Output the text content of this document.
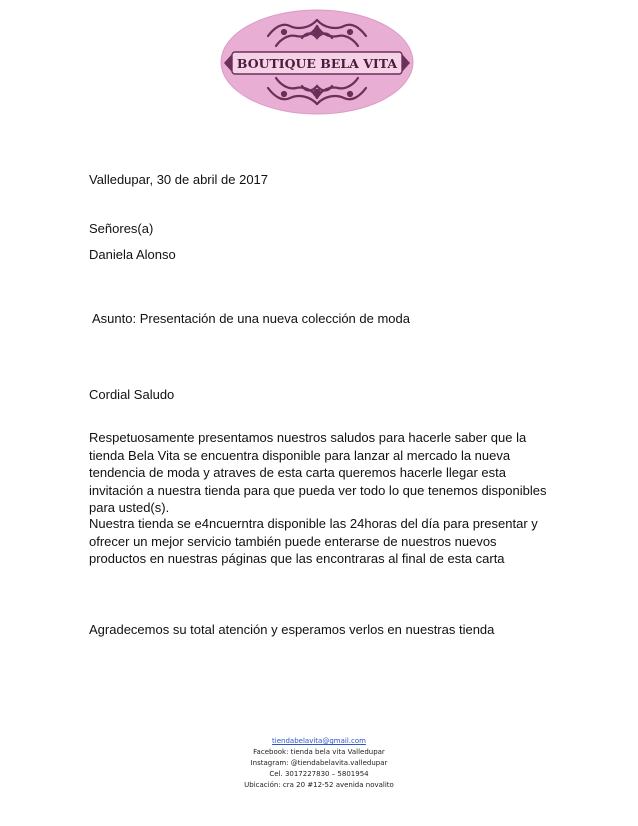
BOUTIQUE BELA VITA
Valledupar, 30 de abril de 2017
Señores(a)
Daniela Alonso
Asunto: Presentación de una nueva colección de moda
Cordial Saludo
Respetuosamente presentamos nuestros saludos para hacerle saber que la tienda Bela Vita se encuentra disponible para lanzar al mercado la nueva tendencia de moda y atraves de esta carta queremos hacerle llegar esta invitación a nuestra tienda para que pueda ver todo lo que tenemos disponibles para usted(s).
Nuestra tienda se e4ncuerntra disponible las 24horas del día para presentar y ofrecer un mejor servicio también puede enterarse de nuestros nuevos productos en nuestras páginas que las encontraras al final de esta carta
Agradecemos su total atención y esperamos verlos en nuestras tienda
tiendabelavita@gmail.com
Facebook: tienda bela vita Valledupar
Instagram: @tiendabelavita.valledupar
Cel. 3017227830 – 5801954
Ubicación: cra 20 #12-52 avenida novalito
